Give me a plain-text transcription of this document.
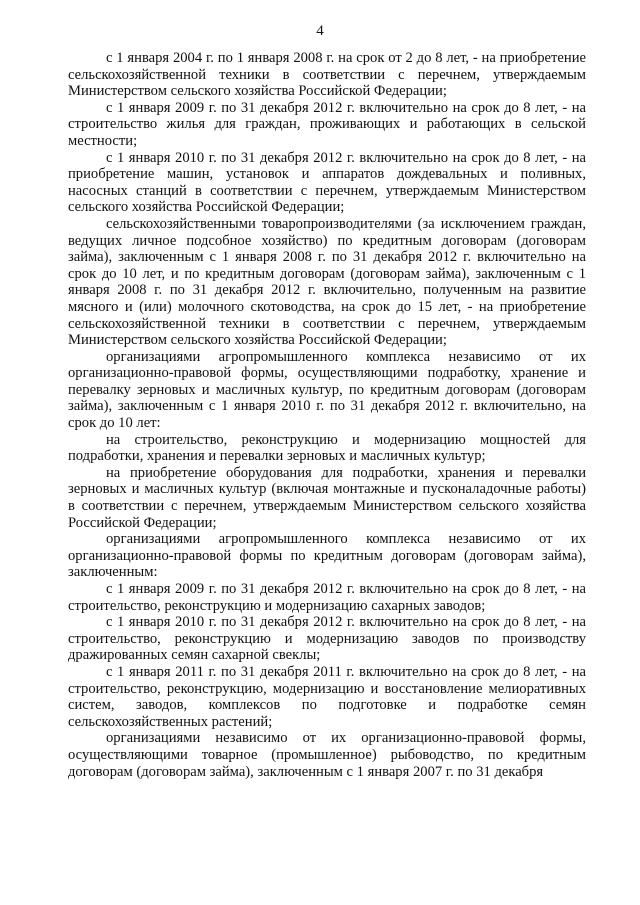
4

с 1 января 2004 г. по 1 января 2008 г. на срок от 2 до 8 лет, - на приобретение сельскохозяйственной техники в соответствии с перечнем, утверждаемым Министерством сельского хозяйства Российской Федерации;

с 1 января 2009 г. по 31 декабря 2012 г. включительно на срок до 8 лет, - на строительство жилья для граждан, проживающих и работающих в сельской местности;

с 1 января 2010 г. по 31 декабря 2012 г. включительно на срок до 8 лет, - на приобретение машин, установок и аппаратов дождевальных и поливных, насосных станций в соответствии с перечнем, утверждаемым Министерством сельского хозяйства Российской Федерации;

сельскохозяйственными товаропроизводителями (за исключением граждан, ведущих личное подсобное хозяйство) по кредитным договорам (договорам займа), заключенным с 1 января 2008 г. по 31 декабря 2012 г. включительно на срок до 10 лет, и по кредитным договорам (договорам займа), заключенным с 1 января 2008 г. по 31 декабря 2012 г. включительно, полученным на развитие мясного и (или) молочного скотоводства, на срок до 15 лет, - на приобретение сельскохозяйственной техники в соответствии с перечнем, утверждаемым Министерством сельского хозяйства Российской Федерации;

организациями агропромышленного комплекса независимо от их организационно-правовой формы, осуществляющими подработку, хранение и перевалку зерновых и масличных культур, по кредитным договорам (договорам займа), заключенным с 1 января 2010 г. по 31 декабря 2012 г. включительно, на срок до 10 лет:

на строительство, реконструкцию и модернизацию мощностей для подработки, хранения и перевалки зерновых и масличных культур;

на приобретение оборудования для подработки, хранения и перевалки зерновых и масличных культур (включая монтажные и пусконаладочные работы) в соответствии с перечнем, утверждаемым Министерством сельского хозяйства Российской Федерации;

организациями агропромышленного комплекса независимо от их организационно-правовой формы по кредитным договорам (договорам займа), заключенным:

с 1 января 2009 г. по 31 декабря 2012 г. включительно на срок до 8 лет, - на строительство, реконструкцию и модернизацию сахарных заводов;

с 1 января 2010 г. по 31 декабря 2012 г. включительно на срок до 8 лет, - на строительство, реконструкцию и модернизацию заводов по производству дражированных семян сахарной свеклы;

с 1 января 2011 г. по 31 декабря 2011 г. включительно на срок до 8 лет, - на строительство, реконструкцию, модернизацию и восстановление мелиоративных систем, заводов, комплексов по подготовке и подработке семян сельскохозяйственных растений;

организациями независимо от их организационно-правовой формы, осуществляющими товарное (промышленное) рыбоводство, по кредитным договорам (договорам займа), заключенным с 1 января 2007 г. по 31 декабря
